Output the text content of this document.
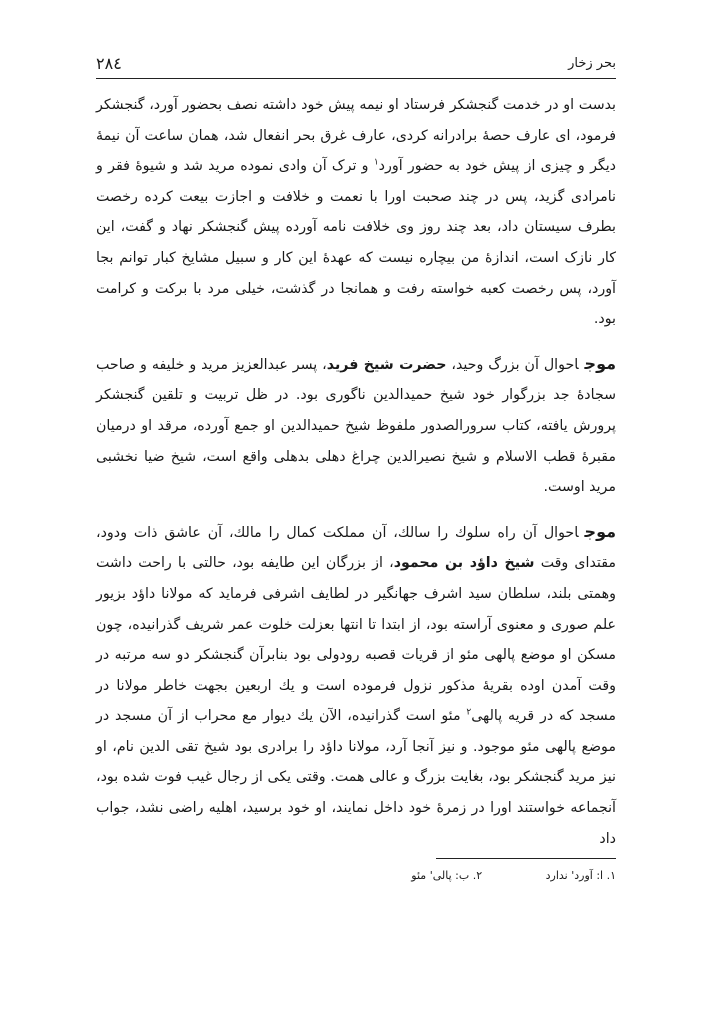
بحر زخار
۲۸٤

بدست او در خدمت گنجشکر فرستاد او نیمه پیش خود داشته نصف بحضور آورد، گنجشکر فرمود، ای عارف حصهٔ برادرانه کردی، عارف غرق بحر انفعال شد، همان ساعت آن نیمهٔ دیگر و چیزی از پیش خود به حضور آورد$^۱$ و ترک آن وادی نموده مرید شد و شیوهٔ فقر و نامرادی گزید، پس در چند صحبت اورا با نعمت و خلافت و اجازت بیعت کرده رخصت بطرف سیستان داد، بعد چند روز وی خلافت نامه آورده پیش گنجشکر نهاد و گفت، این کار نازک است، اندازهٔ من بیچاره نیست که عهدهٔ این کار و سبیل مشایخ کبار توانم بجا آورد، پس رخصت کعبه خواسته رفت و همانجا در گذشت، خیلی مرد با برکت و کرامت بود.

موجاحوال آن بزرگ وحید، حضرت شیخ فرید، پسر عبدالعزیز مرید و خلیفه و صاحب سجادهٔ جد بزرگوار خود شیخ حمیدالدین ناگوری بود. در ظل تربیت و تلقین گنجشکر پرورش یافته، کتاب سرورالصدور ملفوظ شیخ حمیدالدین او جمع آورده، مرقد او درمیان مقبرهٔ قطب الاسلام و شیخ نصیرالدین چراغ دهلی بدهلی واقع است، شیخ ضیا نخشبی مرید اوست.

موجاحوال آن راه سلوك را سالك، آن مملكت كمال را مالك، آن عاشق ذات ودود، مقتدای وقت شیخ داؤد بن محمود، از بزرگان این طایفه بود، حالتی با راحت داشت وهمتی بلند، سلطان سید اشرف جهانگیر در لطایف اشرفی فرماید که مولانا داؤد بزیور علم صوری و معنوی آراسته بود، از ابتدا تا انتها بعزلت خلوت عمر شریف گذرانیده، چون مسکن او موضع پالهی مئو از قریات قصبه رودولی بود بنابرآن گنجشکر دو سه مرتبه در وقت آمدن اوده بقریهٔ مذکور نزول فرموده است و یك اربعین بجهت خاطر مولانا در مسجد که در قریه پالهی$^۲$ مئو است گذرانیده، الآن یك دیوار مع محراب از آن مسجد در موضع پالهی مئو موجود. و نیز آنجا آرد، مولانا داؤد را برادری بود شیخ تقی الدین نام، او نیز مرید گنجشکر بود، بغایت بزرگ و عالی همت. وقتی یکی از رجال غیب فوت شده بود، آنجماعه خواستند اورا در زمرهٔ خود داخل نمایند، او خود برسید، اهلیه راضی نشد، جواب داد

۱. ا: آورد' ندارد ۲. ب: پالی' مئو
